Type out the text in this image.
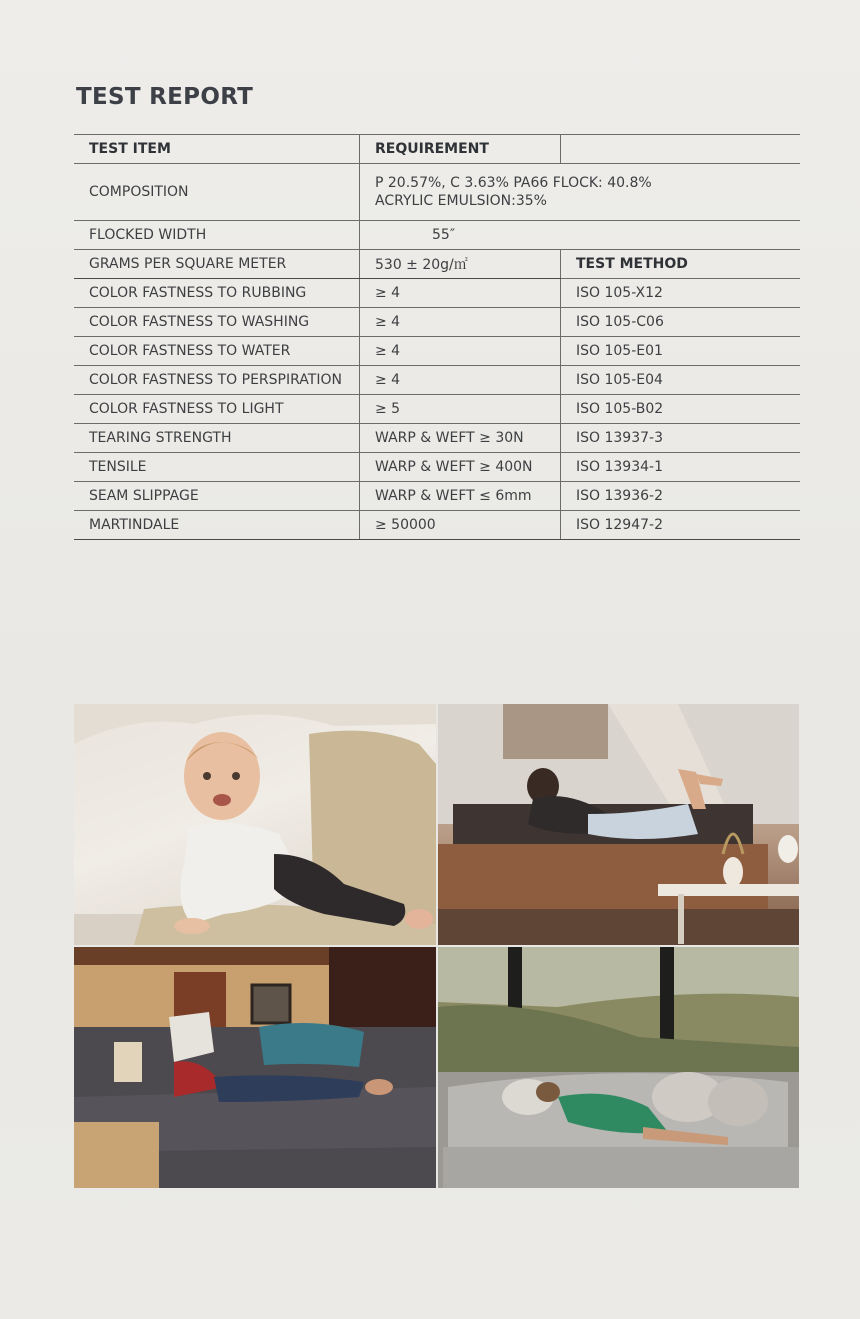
TEST REPORT
TEST ITEM	REQUIREMENT	
COMPOSITION	P 20.57%, C 3.63% PA66 FLOCK: 40.8%
ACRYLIC EMULSION:35%	

FLOCKED WIDTH	55″	
GRAMS PER SQUARE METER	530 ± 20g/㎡	TEST METHOD
COLOR FASTNESS TO RUBBING	≥ 4	ISO 105-X12
COLOR FASTNESS TO WASHING	≥ 4	ISO 105-C06
COLOR FASTNESS TO WATER	≥ 4	ISO 105-E01
COLOR FASTNESS TO PERSPIRATION	≥ 4	ISO 105-E04
COLOR FASTNESS TO LIGHT	≥ 5	ISO 105-B02
TEARING STRENGTH	WARP & WEFT ≥ 30N	ISO 13937-3
TENSILE	WARP & WEFT ≥ 400N	ISO 13934-1
SEAM SLIPPAGE	WARP & WEFT ≤ 6mm	ISO 13936-2
MARTINDALE	≥ 50000	ISO 12947-2
